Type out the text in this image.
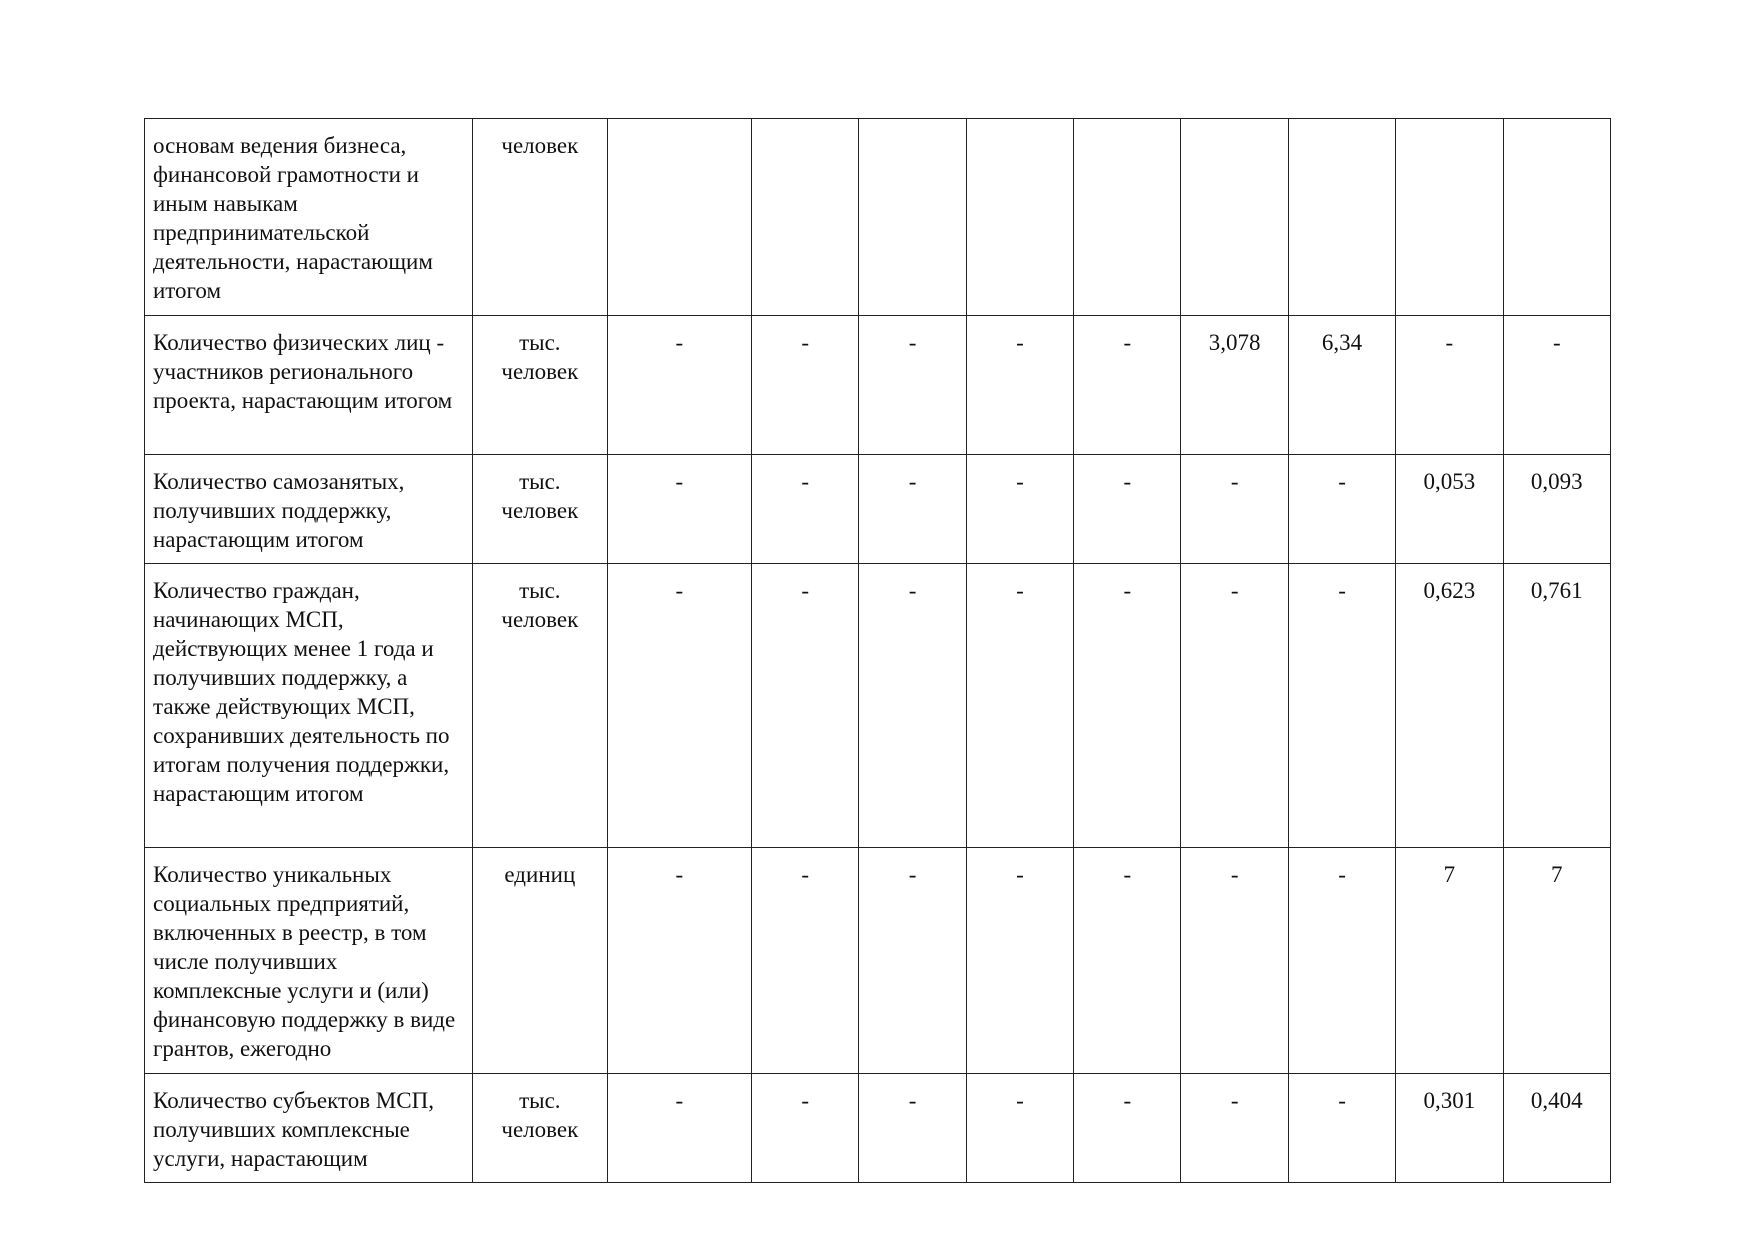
основам ведения бизнеса, финансовой грамотности и иным навыкам предпринимательской деятельности, нарастающим итогом	человек									
Количество физических лиц - участников регионального проекта, нарастающим итогом	тыс. человек	-	-	-	-	-	3,078	6,34	-	-
Количество самозанятых, получивших поддержку, нарастающим итогом	тыс. человек	-	-	-	-	-	-	-	0,053	0,093
Количество граждан, начинающих МСП, действующих менее 1 года и получивших поддержку, а также действующих МСП, сохранивших деятельность по итогам получения поддержки, нарастающим итогом	тыс. человек	-	-	-	-	-	-	-	0,623	0,761
Количество уникальных социальных предприятий, включенных в реестр, в том числе получивших комплексные услуги и (или) финансовую поддержку в виде грантов, ежегодно	единиц	-	-	-	-	-	-	-	7	7
Количество субъектов МСП, получивших комплексные услуги, нарастающим	тыс. человек	-	-	-	-	-	-	-	0,301	0,404
